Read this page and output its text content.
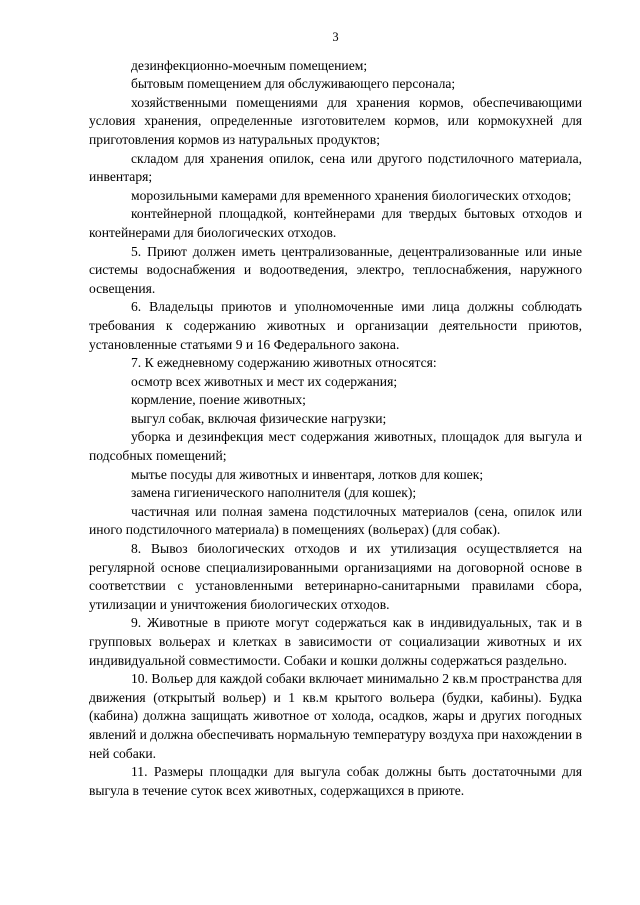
3

дезинфекционно-моечным помещением;

бытовым помещением для обслуживающего персонала;

хозяйственными помещениями для хранения кормов, обеспечивающими условия хранения, определенные изготовителем кормов, или кормокухней для приготовления кормов из натуральных продуктов;

складом для хранения опилок, сена или другого подстилочного материала, инвентаря;

морозильными камерами для временного хранения биологических отходов;

контейнерной площадкой, контейнерами для твердых бытовых отходов и контейнерами для биологических отходов.

5. Приют должен иметь централизованные, децентрализованные или иные системы водоснабжения и водоотведения, электро, теплоснабжения, наружного освещения.

6. Владельцы приютов и уполномоченные ими лица должны соблюдать требования к содержанию животных и организации деятельности приютов, установленные статьями 9 и 16 Федерального закона.

7. К ежедневному содержанию животных относятся:

осмотр всех животных и мест их содержания;

кормление, поение животных;

выгул собак, включая физические нагрузки;

уборка и дезинфекция мест содержания животных, площадок для выгула и подсобных помещений;

мытье посуды для животных и инвентаря, лотков для кошек;

замена гигиенического наполнителя (для кошек);

частичная или полная замена подстилочных материалов (сена, опилок или иного подстилочного материала) в помещениях (вольерах) (для собак).

8. Вывоз биологических отходов и их утилизация осуществляется на регулярной основе специализированными организациями на договорной основе в соответствии с установленными ветеринарно-санитарными правилами сбора, утилизации и уничтожения биологических отходов.

9. Животные в приюте могут содержаться как в индивидуальных, так и в групповых вольерах и клетках в зависимости от социализации животных и их индивидуальной совместимости. Собаки и кошки должны содержаться раздельно.

10. Вольер для каждой собаки включает минимально 2 кв.м пространства для движения (открытый вольер) и 1 кв.м крытого вольера (будки, кабины). Будка (кабина) должна защищать животное от холода, осадков, жары и других погодных явлений и должна обеспечивать нормальную температуру воздуха при нахождении в ней собаки.

11. Размеры площадки для выгула собак должны быть достаточными для выгула в течение суток всех животных, содержащихся в приюте.
